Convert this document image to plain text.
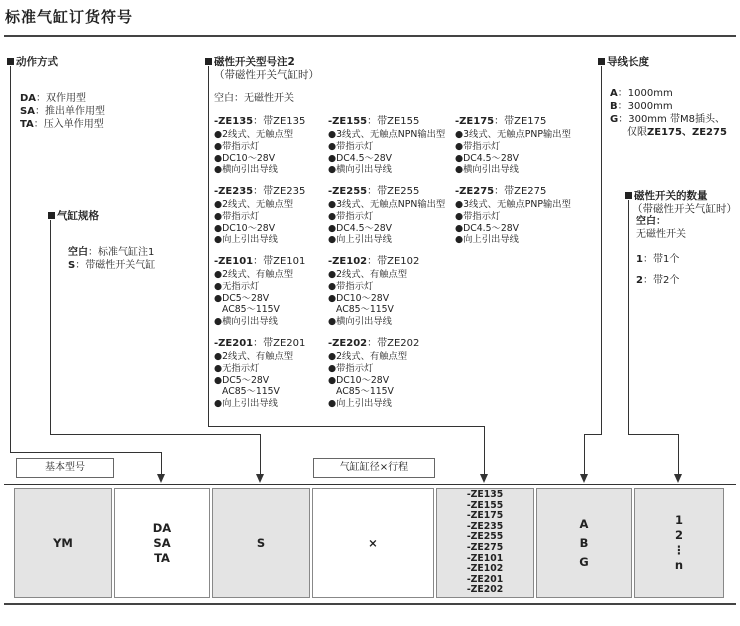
标准气缸订货符号
动作方式
DA：双作用型
SA：推出单作用型
TA：压入单作用型
气缸规格
空白：标准气缸注1
S：带磁性开关气缸
磁性开关型号注2
（带磁性开关气缸时）
空白：无磁性开关
-ZE135：带ZE135
●2线式、无触点型
●带指示灯
●DC10～28V
●横向引出导线
-ZE155：带ZE155
●3线式、无触点NPN输出型
●带指示灯
●DC4.5～28V
●横向引出导线
-ZE175：带ZE175
●3线式、无触点PNP输出型
●带指示灯
●DC4.5～28V
●横向引出导线
-ZE235：带ZE235
●2线式、无触点型
●带指示灯
●DC10～28V
●向上引出导线
-ZE255：带ZE255
●3线式、无触点NPN输出型
●带指示灯
●DC4.5～28V
●向上引出导线
-ZE275：带ZE275
●3线式、无触点PNP输出型
●带指示灯
●DC4.5～28V
●向上引出导线
-ZE101：带ZE101
●2线式、有触点型
●无指示灯
●DC5～28V
AC85～115V
●横向引出导线
-ZE102：带ZE102
●2线式、有触点型
●带指示灯
●DC10～28V
AC85～115V
●横向引出导线
-ZE201：带ZE201
●2线式、有触点型
●无指示灯
●DC5～28V
AC85～115V
●向上引出导线
-ZE202：带ZE202
●2线式、有触点型
●带指示灯
●DC10～28V
AC85～115V
●向上引出导线
导线长度
A：1000mm
B：3000mm
G：300mm 带M8插头、
仅限ZE175、ZE275
磁性开关的数量
（带磁性开关气缸时）
空白：
无磁性开关
1：带1个
2：带2个
基本型号	气缸缸径×行程
YM
DA
SA
TA
S	×
-ZE135
-ZE155
-ZE175
-ZE235
-ZE255
-ZE275
-ZE101
-ZE102
-ZE201
-ZE202
A
B
G
1
2
⋮
n
